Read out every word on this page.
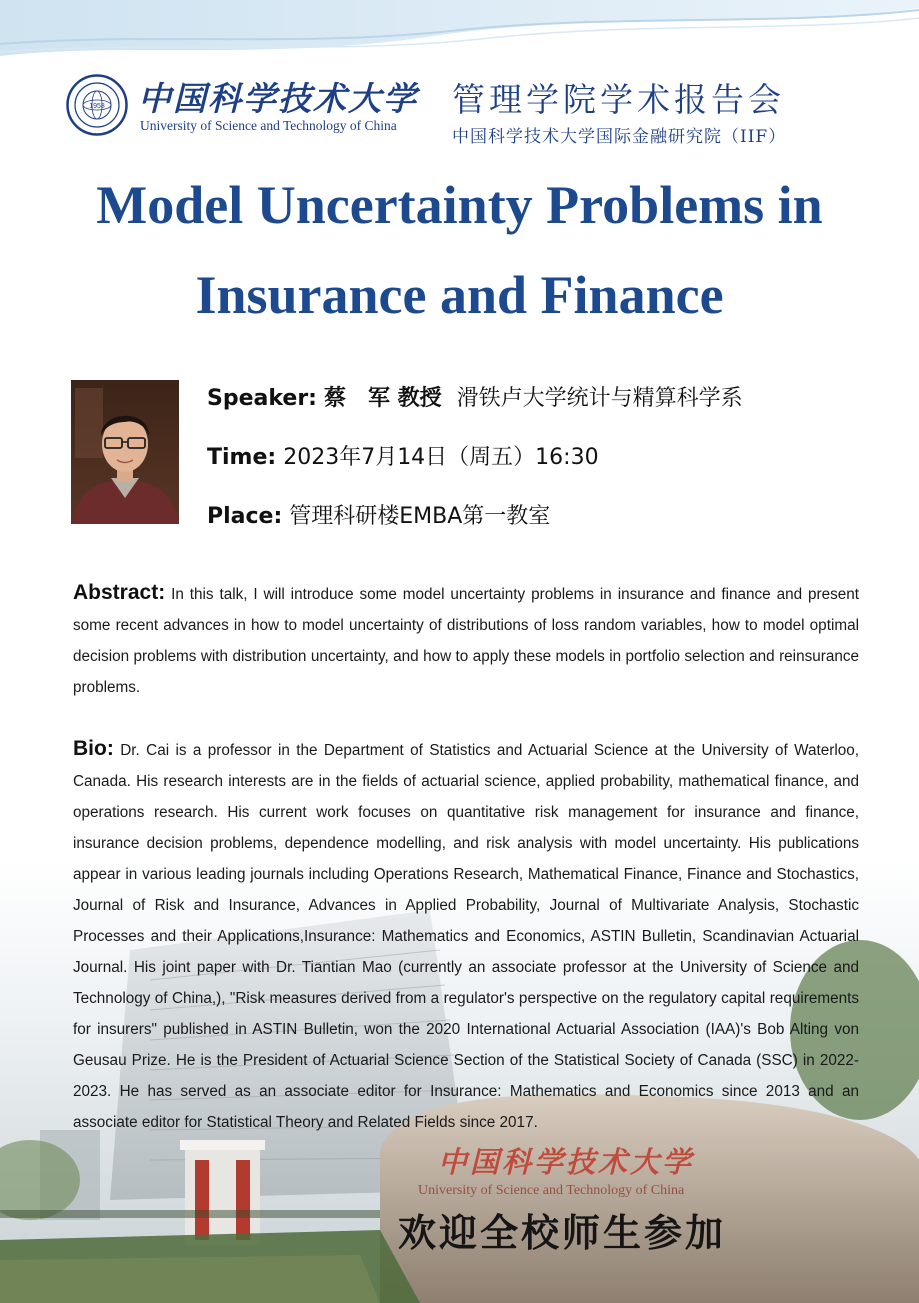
1958 中国科学技术大学
University of Science and Technology of China
管理学院学术报告会
中国科学技术大学国际金融研究院（IIF）
Model Uncertainty Problems in
Insurance and Finance
Speaker: 蔡　军 教授 滑铁卢大学统计与精算科学系
Time: 2023年7月14日（周五）16:30
Place: 管理科研楼EMBA第一教室
Abstract: In this talk, I will introduce some model uncertainty problems in insurance and finance and present some recent advances in how to model uncertainty of distributions of loss random variables, how to model optimal decision problems with distribution uncertainty, and how to apply these models in portfolio selection and reinsurance problems.
Bio: Dr. Cai is a professor in the Department of Statistics and Actuarial Science at the University of Waterloo, Canada. His research interests are in the fields of actuarial science, applied probability, mathematical finance, and operations research. His current work focuses on quantitative risk management for insurance and finance, insurance decision problems, dependence modelling, and risk analysis with model uncertainty. His publications appear in various leading journals including Operations Research, Mathematical Finance, Finance and Stochastics, Journal of Risk and Insurance, Advances in Applied Probability, Journal of Multivariate Analysis, Stochastic Processes and their Applications,Insurance: Mathematics and Economics, ASTIN Bulletin, Scandinavian Actuarial Journal. His joint paper with Dr. Tiantian Mao (currently an associate professor at the University of Science and Technology of China,), "Risk measures derived from a regulator's perspective on the regulatory capital requirements for insurers" published in ASTIN Bulletin, won the 2020 International Actuarial Association (IAA)'s Bob Alting von Geusau Prize. He is the President of Actuarial Science Section of the Statistical Society of Canada (SSC) in 2022-2023. He has served as an associate editor for Insurance: Mathematics and Economics since 2013 and an associate editor for Statistical Theory and Related Fields since 2017.
中国科学技术大学
University of Science and Technology of China
欢迎全校师生参加
